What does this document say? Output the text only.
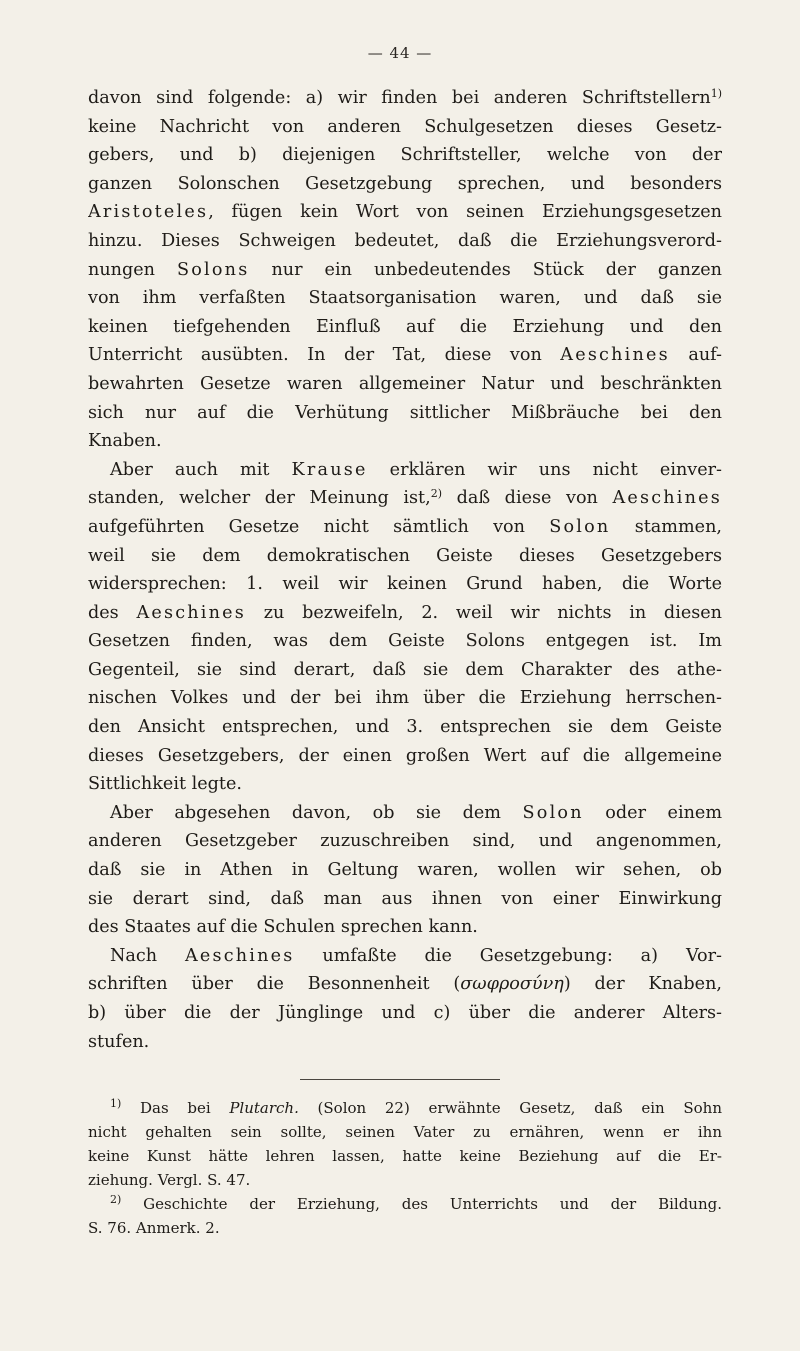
— 44 —
davon sind folgende: a) wir finden bei anderen Schriftstellern$^{1)}$
keine Nachricht von anderen Schulgesetzen dieses Gesetz-
gebers, und b) diejenigen Schriftsteller, welche von der
ganzen Solonschen Gesetzgebung sprechen, und besonders
Aristoteles, fügen kein Wort von seinen Erziehungsgesetzen
hinzu. Dieses Schweigen bedeutet, daß die Erziehungsverord-
nungen Solons nur ein unbedeutendes Stück der ganzen
von ihm verfaßten Staatsorganisation waren, und daß sie
keinen tiefgehenden Einfluß auf die Erziehung und den
Unterricht ausübten. In der Tat, diese von Aeschines auf-
bewahrten Gesetze waren allgemeiner Natur und beschränkten
sich nur auf die Verhütung sittlicher Mißbräuche bei den
Knaben.
Aber auch mit Krause erklären wir uns nicht einver-
standen, welcher der Meinung ist,$^{2)}$ daß diese von Aeschines
aufgeführten Gesetze nicht sämtlich von Solon stammen,
weil sie dem demokratischen Geiste dieses Gesetzgebers
widersprechen: 1. weil wir keinen Grund haben, die Worte
des Aeschines zu bezweifeln, 2. weil wir nichts in diesen
Gesetzen finden, was dem Geiste Solons entgegen ist. Im
Gegenteil, sie sind derart, daß sie dem Charakter des athe-
nischen Volkes und der bei ihm über die Erziehung herrschen-
den Ansicht entsprechen, und 3. entsprechen sie dem Geiste
dieses Gesetzgebers, der einen großen Wert auf die allgemeine
Sittlichkeit legte.
Aber abgesehen davon, ob sie dem Solon oder einem
anderen Gesetzgeber zuzuschreiben sind, und angenommen,
daß sie in Athen in Geltung waren, wollen wir sehen, ob
sie derart sind, daß man aus ihnen von einer Einwirkung
des Staates auf die Schulen sprechen kann.
Nach Aeschines umfaßte die Gesetzgebung: a) Vor-
schriften über die Besonnenheit (σωφροσύνη) der Knaben,
b) über die der Jünglinge und c) über die anderer Alters-
stufen.
$^{1)}$ Das bei Plutarch. (Solon 22) erwähnte Gesetz, daß ein Sohn
nicht gehalten sein sollte, seinen Vater zu ernähren, wenn er ihn
keine Kunst hätte lehren lassen, hatte keine Beziehung auf die Er-
ziehung. Vergl. S. 47.
$^{2)}$ Geschichte der Erziehung, des Unterrichts und der Bildung.
S. 76. Anmerk. 2.
